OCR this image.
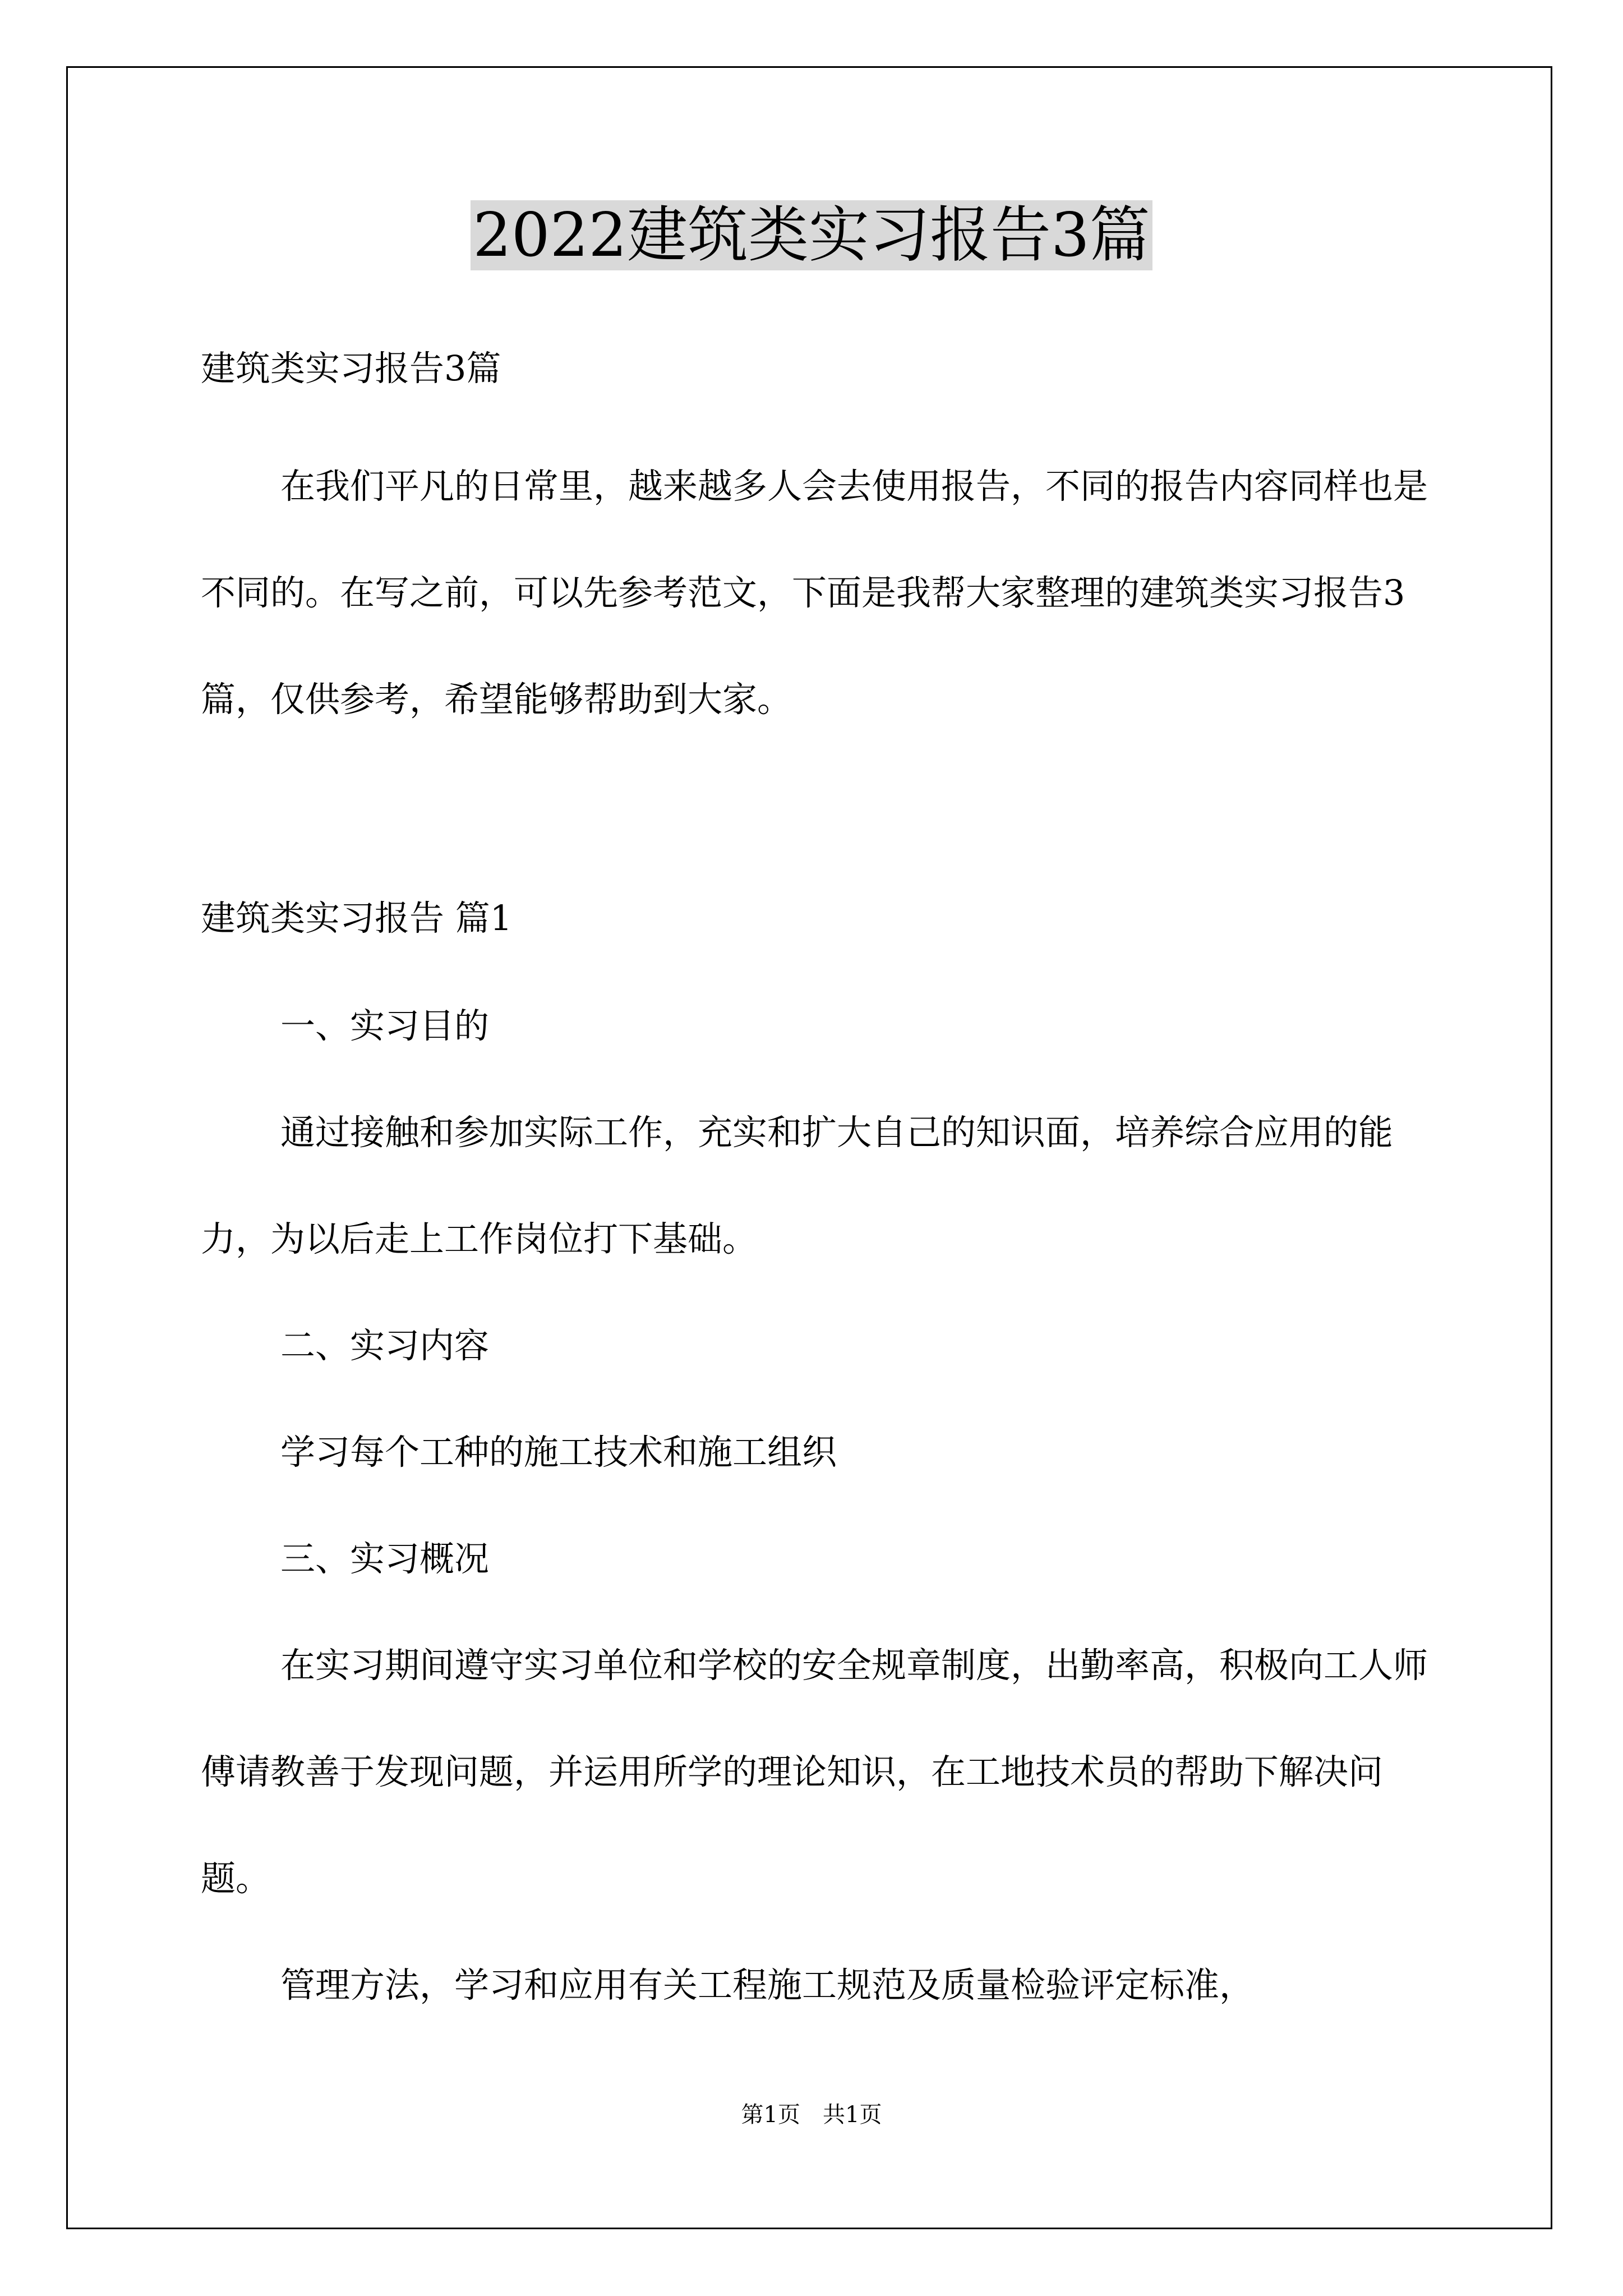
2022建筑类实习报告3篇

建筑类实习报告3篇

在我们平凡的日常里，越来越多人会去使用报告，不同的报告内容同样也是不同的。在写之前，可以先参考范文，下面是我帮大家整理的建筑类实习报告3篇，仅供参考，希望能够帮助到大家。

建筑类实习报告 篇1

一、实习目的

通过接触和参加实际工作，充实和扩大自己的知识面，培养综合应用的能力，为以后走上工作岗位打下基础。

二、实习内容

学习每个工种的施工技术和施工组织

三、实习概况

在实习期间遵守实习单位和学校的安全规章制度，出勤率高，积极向工人师傅请教善于发现问题，并运用所学的理论知识，在工地技术员的帮助下解决问题。

管理方法，学习和应用有关工程施工规范及质量检验评定标准，

第1页　共1页
